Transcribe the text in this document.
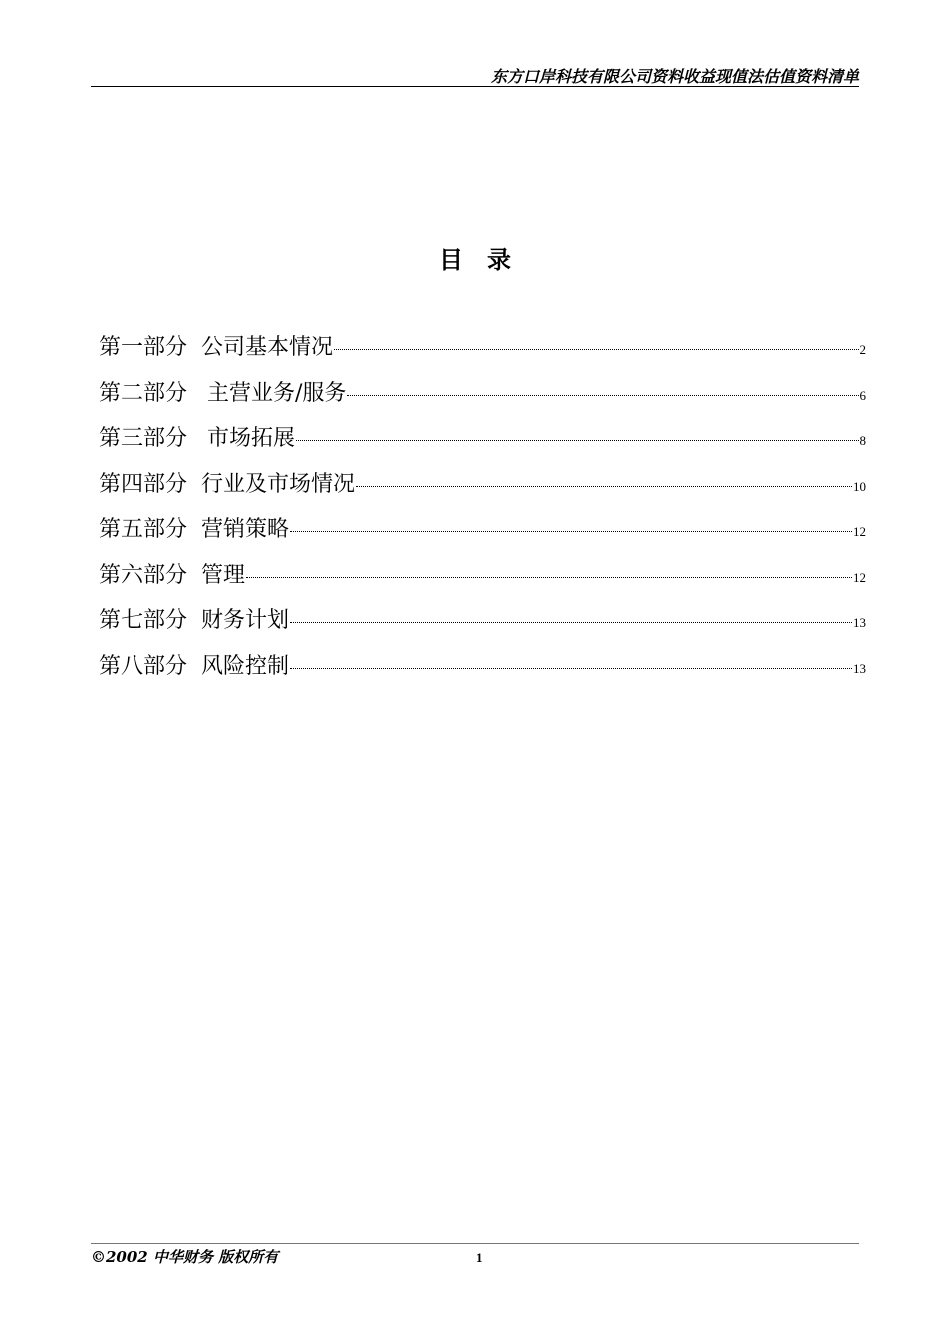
东方口岸科技有限公司资料收益现值法估值资料清单
目录
第一部分 公司基本情况	2
第二部分 主营业务/服务	6
第三部分 市场拓展	8
第四部分 行业及市场情况	10
第五部分 营销策略	12
第六部分 管理	12
第七部分 财务计划	13
第八部分 风险控制	13
©2002 中华财务 版权所有	1
